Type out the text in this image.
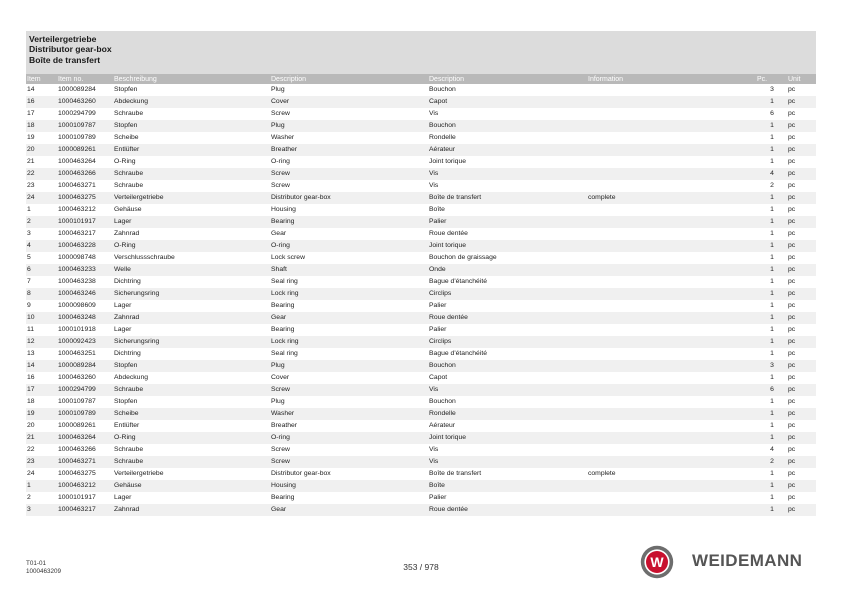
Verteilergetriebe
Distributor gear-box
Boîte de transfert
Item	Item no.	Beschreibung	Description	Description	Information	Pc.	Unit
14	1000089284	Stopfen	Plug	Bouchon		3	pc
16	1000463260	Abdeckung	Cover	Capot		1	pc
17	1000294799	Schraube	Screw	Vis		6	pc
18	1000109787	Stopfen	Plug	Bouchon		1	pc
19	1000109789	Scheibe	Washer	Rondelle		1	pc
20	1000089261	Entlüfter	Breather	Aérateur		1	pc
21	1000463264	O-Ring	O-ring	Joint torique		1	pc
22	1000463266	Schraube	Screw	Vis		4	pc
23	1000463271	Schraube	Screw	Vis		2	pc
24	1000463275	Verteilergetriebe	Distributor gear-box	Boîte de transfert	complete	1	pc
1	1000463212	Gehäuse	Housing	Boîte		1	pc
2	1000101917	Lager	Bearing	Palier		1	pc
3	1000463217	Zahnrad	Gear	Roue dentée		1	pc
4	1000463228	O-Ring	O-ring	Joint torique		1	pc
5	1000098748	Verschlussschraube	Lock screw	Bouchon de graissage		1	pc
6	1000463233	Welle	Shaft	Onde		1	pc
7	1000463238	Dichtring	Seal ring	Bague d'étanchéité		1	pc
8	1000463246	Sicherungsring	Lock ring	Circlips		1	pc
9	1000098609	Lager	Bearing	Palier		1	pc
10	1000463248	Zahnrad	Gear	Roue dentée		1	pc
11	1000101918	Lager	Bearing	Palier		1	pc
12	1000092423	Sicherungsring	Lock ring	Circlips		1	pc
13	1000463251	Dichtring	Seal ring	Bague d'étanchéité		1	pc
14	1000089284	Stopfen	Plug	Bouchon		3	pc
16	1000463260	Abdeckung	Cover	Capot		1	pc
17	1000294799	Schraube	Screw	Vis		6	pc
18	1000109787	Stopfen	Plug	Bouchon		1	pc
19	1000109789	Scheibe	Washer	Rondelle		1	pc
20	1000089261	Entlüfter	Breather	Aérateur		1	pc
21	1000463264	O-Ring	O-ring	Joint torique		1	pc
22	1000463266	Schraube	Screw	Vis		4	pc
23	1000463271	Schraube	Screw	Vis		2	pc
24	1000463275	Verteilergetriebe	Distributor gear-box	Boîte de transfert	complete	1	pc
1	1000463212	Gehäuse	Housing	Boîte		1	pc
2	1000101917	Lager	Bearing	Palier		1	pc
3	1000463217	Zahnrad	Gear	Roue dentée		1	pc
T01-01
1000463209	353 / 978	W WEIDEMANN
